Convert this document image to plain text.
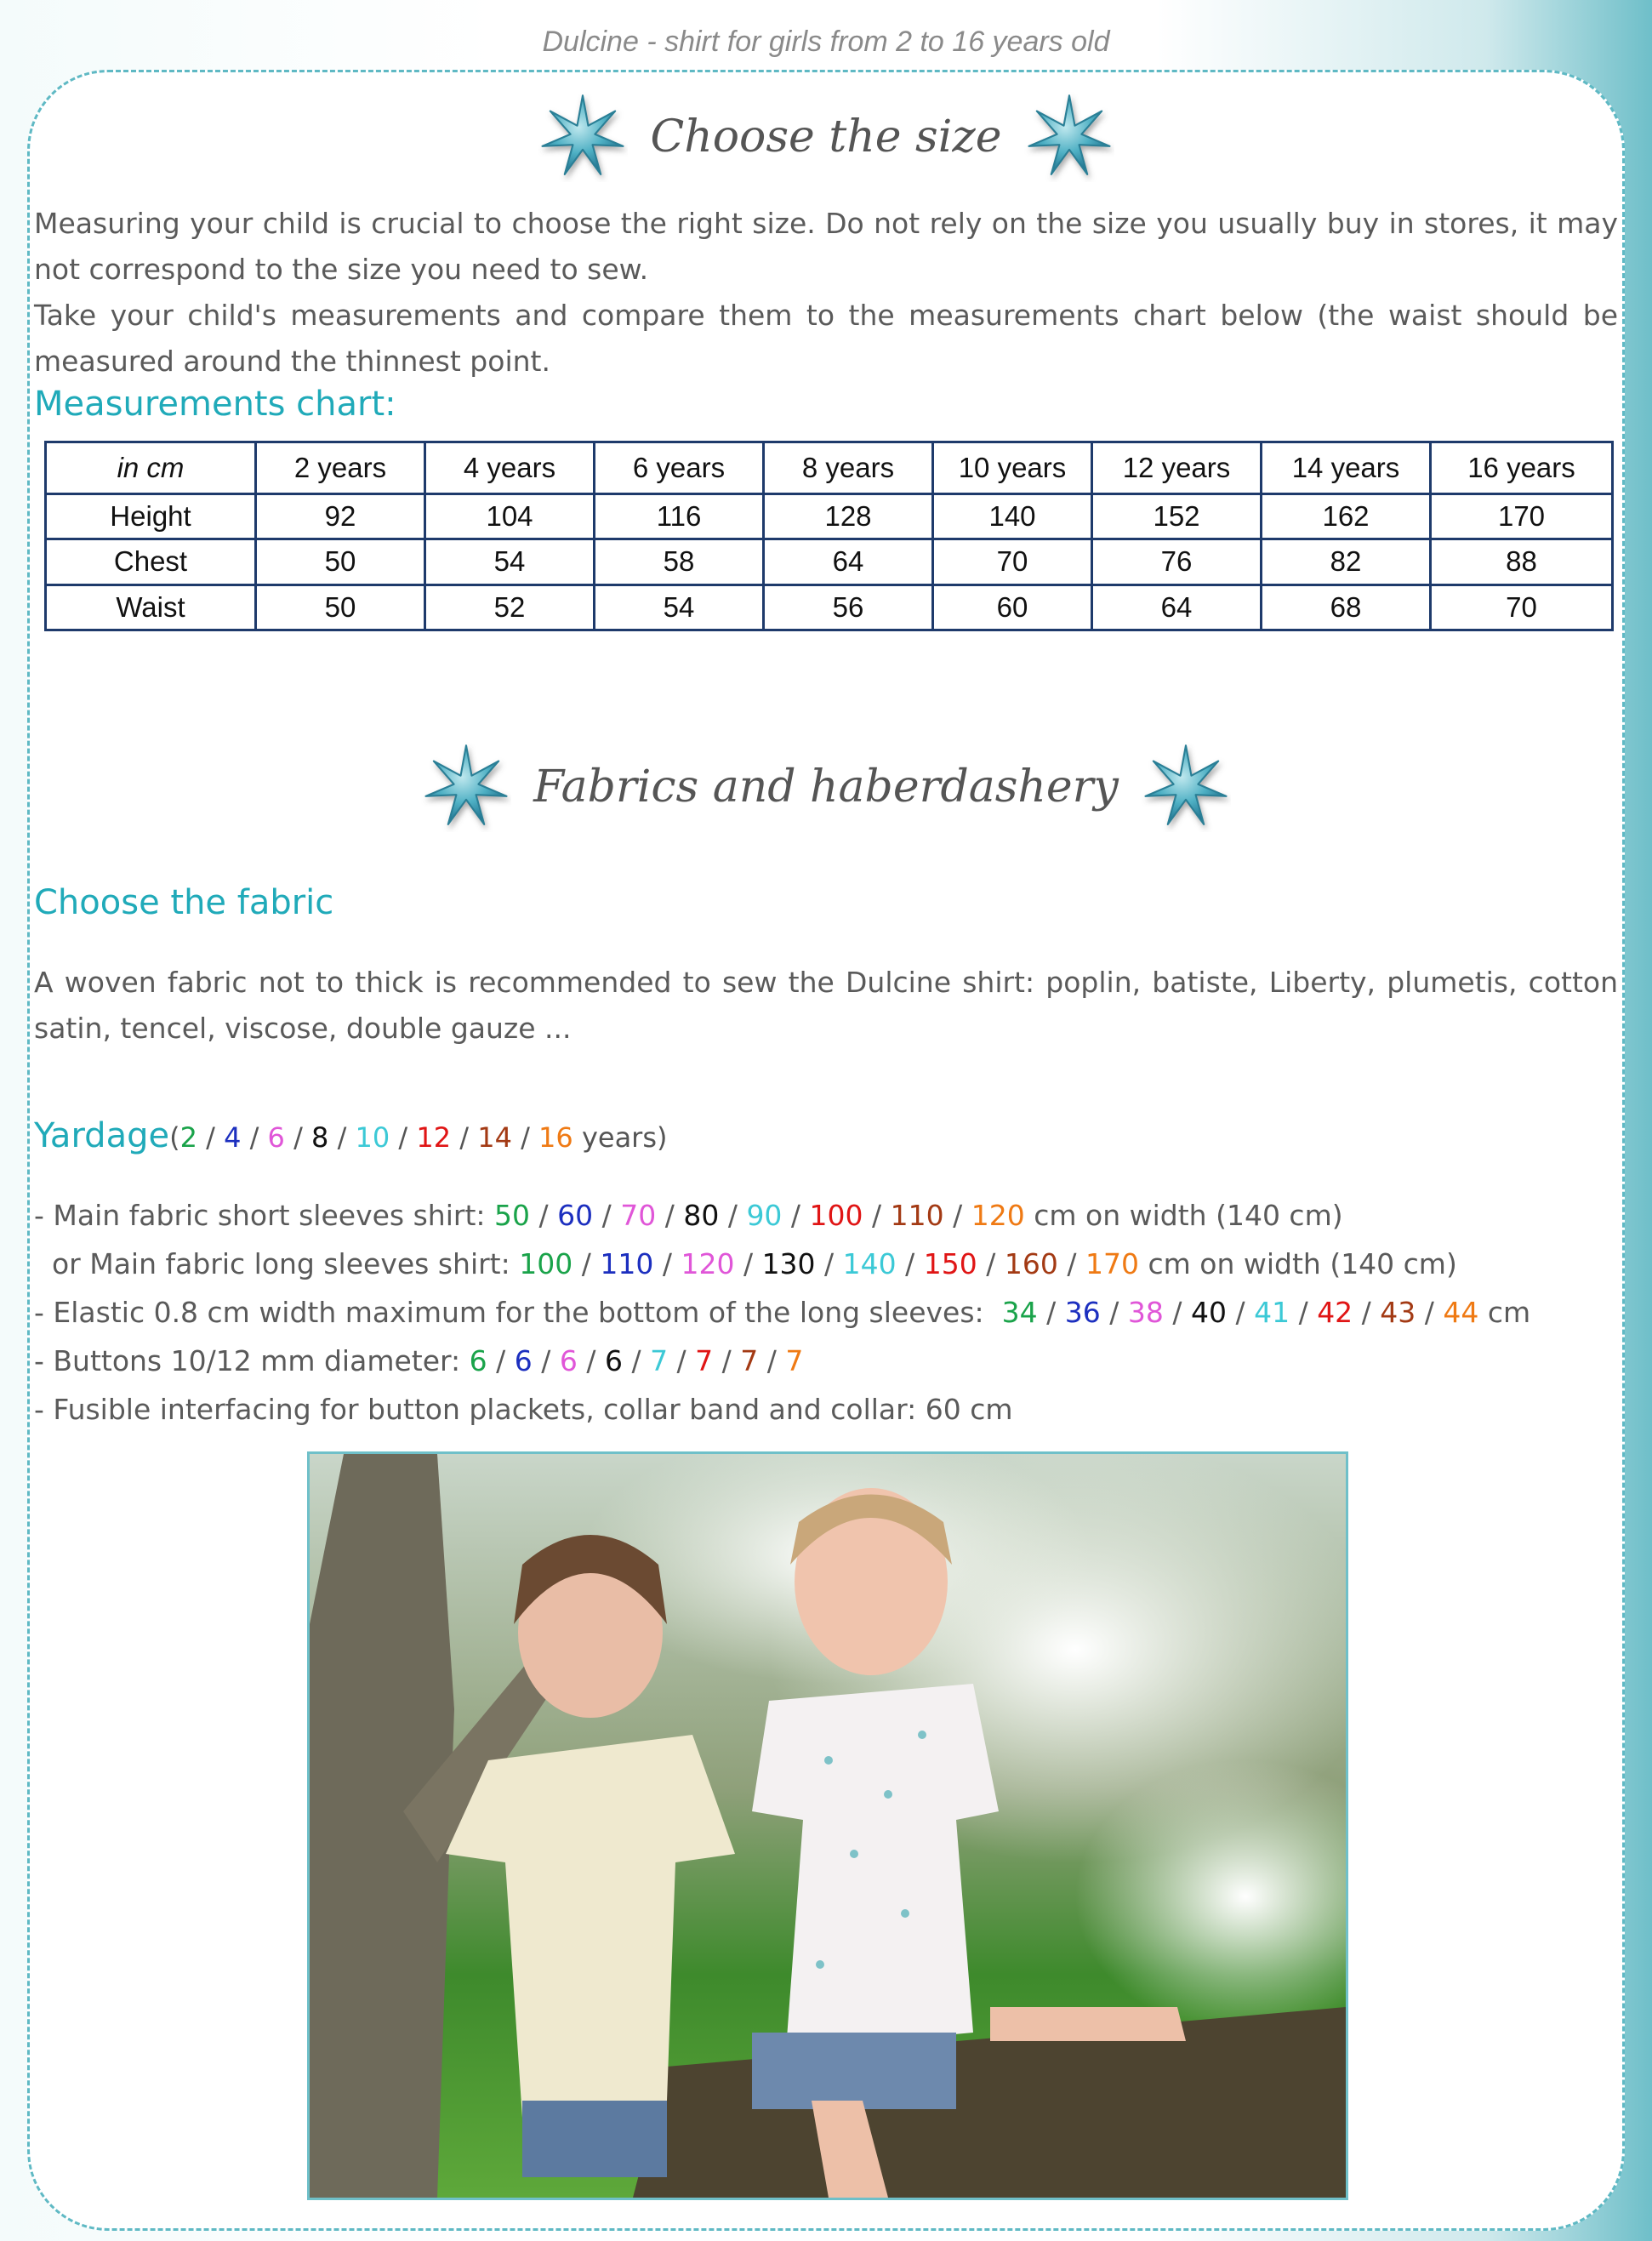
Dulcine - shirt for girls from 2 to 16 years old
Choose the size
Measuring your child is crucial to choose the right size. Do not rely on the size you usually buy in stores, it may not correspond to the size you need to sew.
Take your child's measurements and compare them to the measurements chart below (the waist should be measured around the thinnest point.
Measurements chart:
in cm	2 years	4 years	6 years	8 years	10 years	12 years	14 years	16 years
Height	92	104	116	128	140	152	162	170
Chest	50	54	58	64	70	76	82	88
Waist	50	52	54	56	60	64	68	70
Fabrics and haberdashery
Choose the fabric
A woven fabric not to thick is recommended to sew the Dulcine shirt: poplin, batiste, Liberty, plumetis, cotton satin, tencel, viscose, double gauze ...
Yardage (2 / 4 / 6 / 8 / 10 / 12 / 14 / 16 years)
- Main fabric short sleeves shirt: 50 / 60 / 70 / 80 / 90 / 100 / 110 / 120 cm on width (140 cm)
or Main fabric long sleeves shirt: 100 / 110 / 120 / 130 / 140 / 150 / 160 / 170 cm on width (140 cm)
- Elastic 0.8 cm width maximum for the bottom of the long sleeves:  34 / 36 / 38 / 40 / 41 / 42 / 43 / 44 cm
- Buttons 10/12 mm diameter: 6 / 6 / 6 / 6 / 7 / 7 / 7 / 7
- Fusible interfacing for button plackets, collar band and collar: 60 cm
